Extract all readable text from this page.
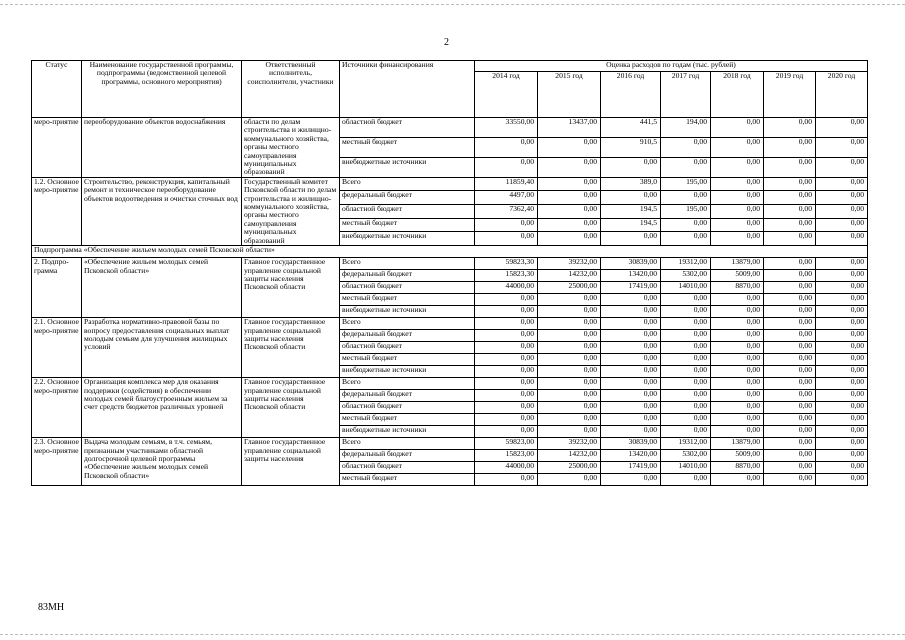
2
Статус	Наименование государственной программы, подпрограммы (ведомственной целевой программы, основного мероприятия)	Ответственный исполнитель, соисполнители, участники	Источники финансирования	Оценка расходов по годам (тыс. рублей)						
				2014 год	2015 год	2016 год	2017 год	2018 год	2019 год	2020 год
меро-приятие	переоборудование объектов водоснабжения	области по делам строительства и жилищно-коммунального хозяйства, органы местного самоуправления муниципальных образований	областной бюджет	33550,00	13437,00	441,5	194,00	0,00	0,00	0,00
			местный бюджет	0,00	0,00	910,5	0,00	0,00	0,00	0,00
			внебюджетные источники	0,00	0,00	0,00	0,00	0,00	0,00	0,00
1.2. Основное меро-приятие	Строительство, реконструкция, капитальный ремонт и техническое переоборудование объектов водоотведения и очистки сточных вод	Государственный комитет Псковской области по делам строительства и жилищно-коммунального хозяйства, органы местного самоуправления муниципальных образований	Всего	11859,40	0,00	389,0	195,00	0,00	0,00	0,00
			федеральный бюджет	4497,00	0,00	0,00	0,00	0,00	0,00	0,00
			областной бюджет	7362,40	0,00	194,5	195,00	0,00	0,00	0,00
			местный бюджет	0,00	0,00	194,5	0,00	0,00	0,00	0,00
			внебюджетные источники	0,00	0,00	0,00	0,00	0,00	0,00	0,00
Подпрограмма «Обеспечение жильем молодых семей Псковской области»										
2. Подпро-грамма	«Обеспечение жильем молодых семей Псковской области»	Главное государственное управление социальной защиты населения Псковской области	Всего	59823,30	39232,00	30839,00	19312,00	13879,00	0,00	0,00
			федеральный бюджет	15823,30	14232,00	13420,00	5302,00	5009,00	0,00	0,00
			областной бюджет	44000,00	25000,00	17419,00	14010,00	8870,00	0,00	0,00
			местный бюджет	0,00	0,00	0,00	0,00	0,00	0,00	0,00
			внебюджетные источники	0,00	0,00	0,00	0,00	0,00	0,00	0,00
2.1. Основное меро-приятие	Разработка нормативно-правовой базы по вопросу предоставления социальных выплат молодым семьям для улучшения жилищных условий	Главное государственное управление социальной защиты населения Псковской области	Всего	0,00	0,00	0,00	0,00	0,00	0,00	0,00
			федеральный бюджет	0,00	0,00	0,00	0,00	0,00	0,00	0,00
			областной бюджет	0,00	0,00	0,00	0,00	0,00	0,00	0,00
			местный бюджет	0,00	0,00	0,00	0,00	0,00	0,00	0,00
			внебюджетные источники	0,00	0,00	0,00	0,00	0,00	0,00	0,00
2.2. Основное меро-приятие	Организация комплекса мер для оказания поддержки (содействия) в обеспечении молодых семей благоустроенным жильем за счет средств бюджетов различных уровней	Главное государственное управление социальной защиты населения Псковской области	Всего	0,00	0,00	0,00	0,00	0,00	0,00	0,00
			федеральный бюджет	0,00	0,00	0,00	0,00	0,00	0,00	0,00
			областной бюджет	0,00	0,00	0,00	0,00	0,00	0,00	0,00
			местный бюджет	0,00	0,00	0,00	0,00	0,00	0,00	0,00
			внебюджетные источники	0,00	0,00	0,00	0,00	0,00	0,00	0,00
2.3. Основное меро-приятие	Выдача молодым семьям, в т.ч. семьям, признанным участниками областной долгосрочной целевой программы «Обеспечение жильем молодых семей Псковской области»	Главное государственное управление социальной защиты населения	Всего	59823,00	39232,00	30839,00	19312,00	13879,00	0,00	0,00
			федеральный бюджет	15823,00	14232,00	13420,00	5302,00	5009,00	0,00	0,00
			областной бюджет	44000,00	25000,00	17419,00	14010,00	8870,00	0,00	0,00
			местный бюджет	0,00	0,00	0,00	0,00	0,00	0,00	0,00
83МН
